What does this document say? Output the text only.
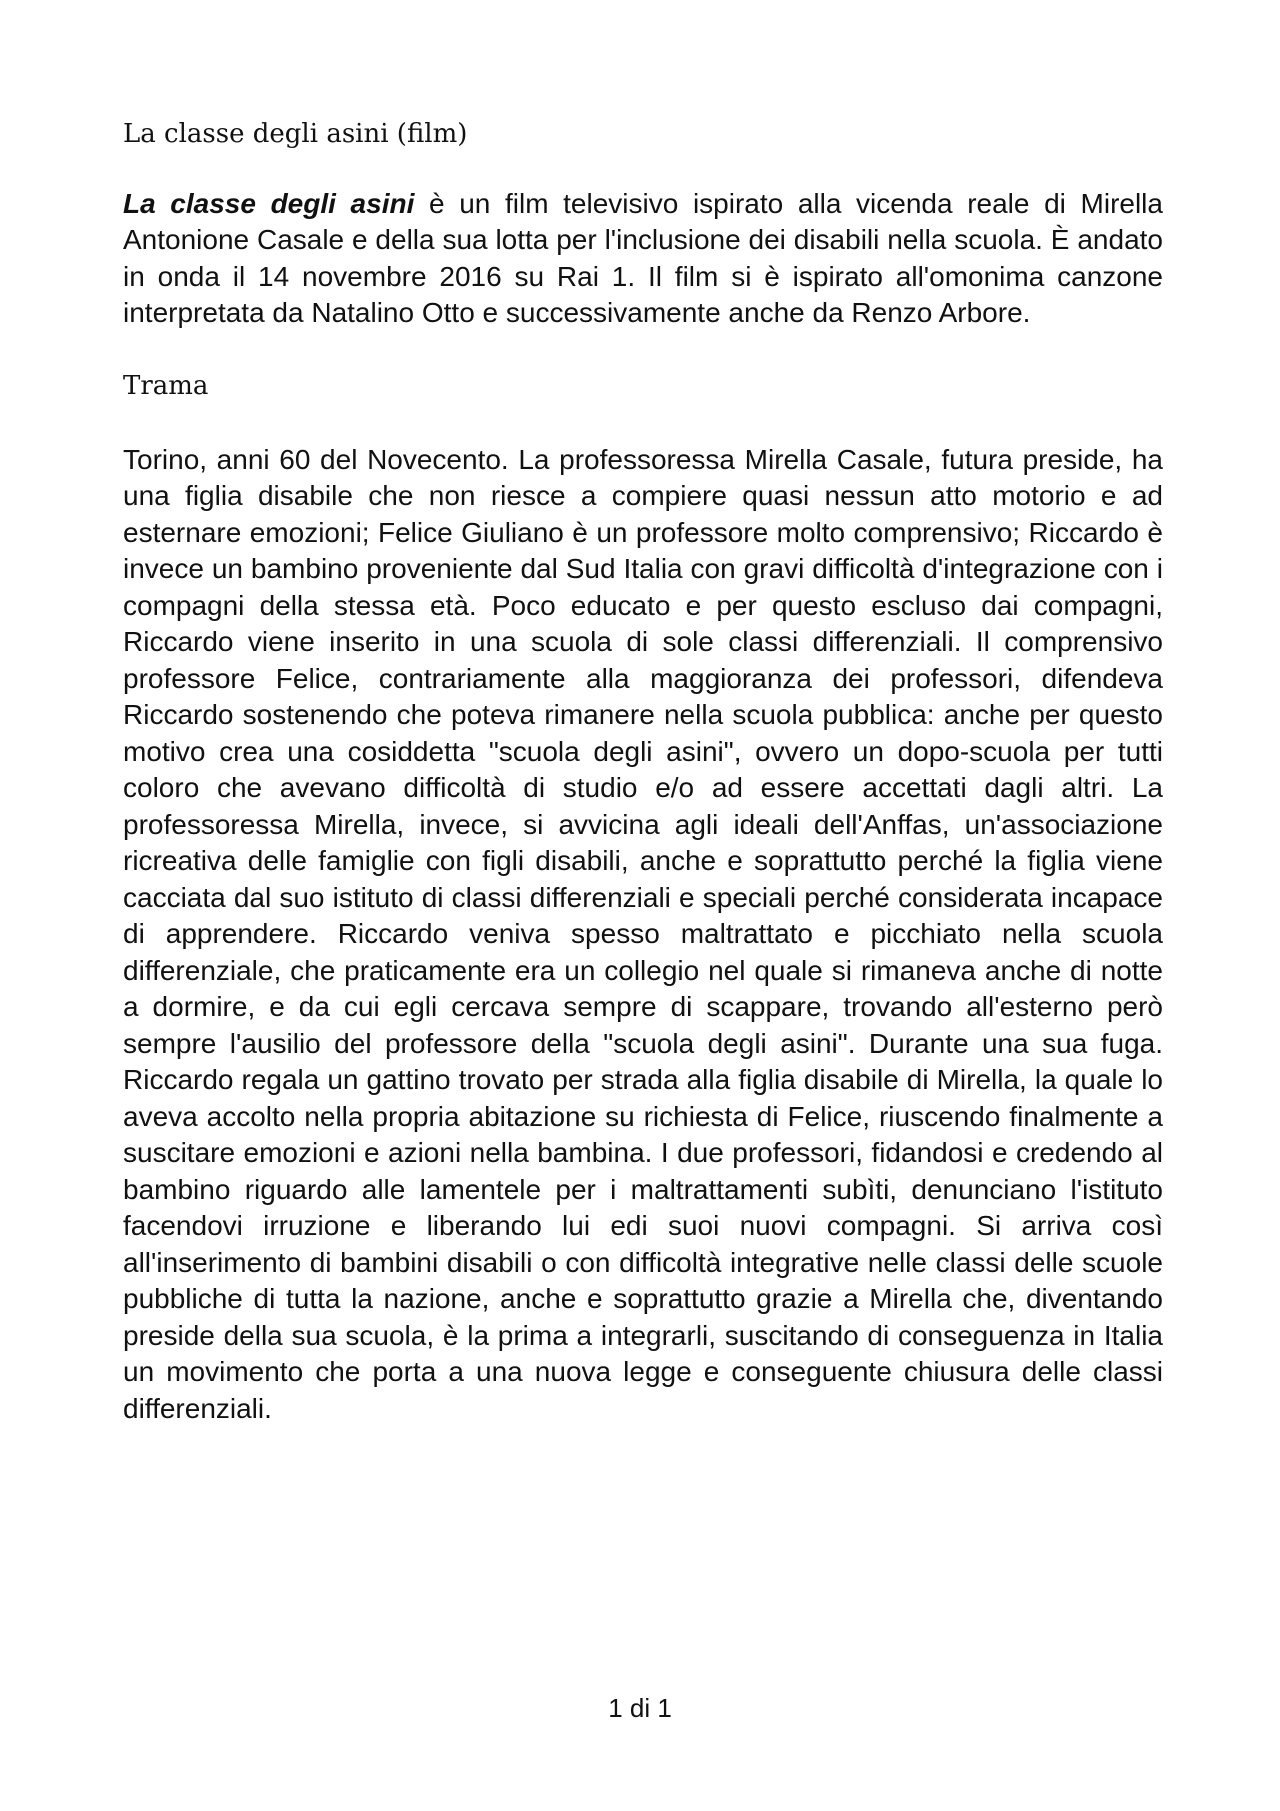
La classe degli asini (film)

La classe degli asini è un film televisivo ispirato alla vicenda reale di Mirella Antonione Casale e della sua lotta per l'inclusione dei disabili nella scuola. È andato in onda il 14 novembre 2016 su Rai 1. Il film si è ispirato all'omonima canzone interpretata da Natalino Otto e successivamente anche da Renzo Arbore.

Trama

Torino, anni 60 del Novecento. La professoressa Mirella Casale, futura preside, ha una figlia disabile che non riesce a compiere quasi nessun atto motorio e ad esternare emozioni; Felice Giuliano è un professore molto comprensivo; Riccardo è invece un bambino proveniente dal Sud Italia con gravi difficoltà d'integrazione con i compagni della stessa età. Poco educato e per questo escluso dai compagni, Riccardo viene inserito in una scuola di sole classi differenziali. Il comprensivo professore Felice, contrariamente alla maggioranza dei professori, difendeva Riccardo sostenendo che poteva rimanere nella scuola pubblica: anche per questo motivo crea una cosiddetta "scuola degli asini", ovvero un dopo-scuola per tutti coloro che avevano difficoltà di studio e/o ad essere accettati dagli altri. La professoressa Mirella, invece, si avvicina agli ideali dell'Anffas, un'associazione ricreativa delle famiglie con figli disabili, anche e soprattutto perché la figlia viene cacciata dal suo istituto di classi differenziali e speciali perché considerata incapace di apprendere. Riccardo veniva spesso maltrattato e picchiato nella scuola differenziale, che praticamente era un collegio nel quale si rimaneva anche di notte a dormire, e da cui egli cercava sempre di scappare, trovando all'esterno però sempre l'ausilio del professore della "scuola degli asini". Durante una sua fuga. Riccardo regala un gattino trovato per strada alla figlia disabile di Mirella, la quale lo aveva accolto nella propria abitazione su richiesta di Felice, riuscendo finalmente a suscitare emozioni e azioni nella bambina. I due professori, fidandosi e credendo al bambino riguardo alle lamentele per i maltrattamenti subìti, denunciano l'istituto facendovi irruzione e liberando lui edi suoi nuovi compagni. Si arriva così all'inserimento di bambini disabili o con difficoltà integrative nelle classi delle scuole pubbliche di tutta la nazione, anche e soprattutto grazie a Mirella che, diventando preside della sua scuola, è la prima a integrarli, suscitando di conseguenza in Italia un movimento che porta a una nuova legge e conseguente chiusura delle classi differenziali.

1 di 1
